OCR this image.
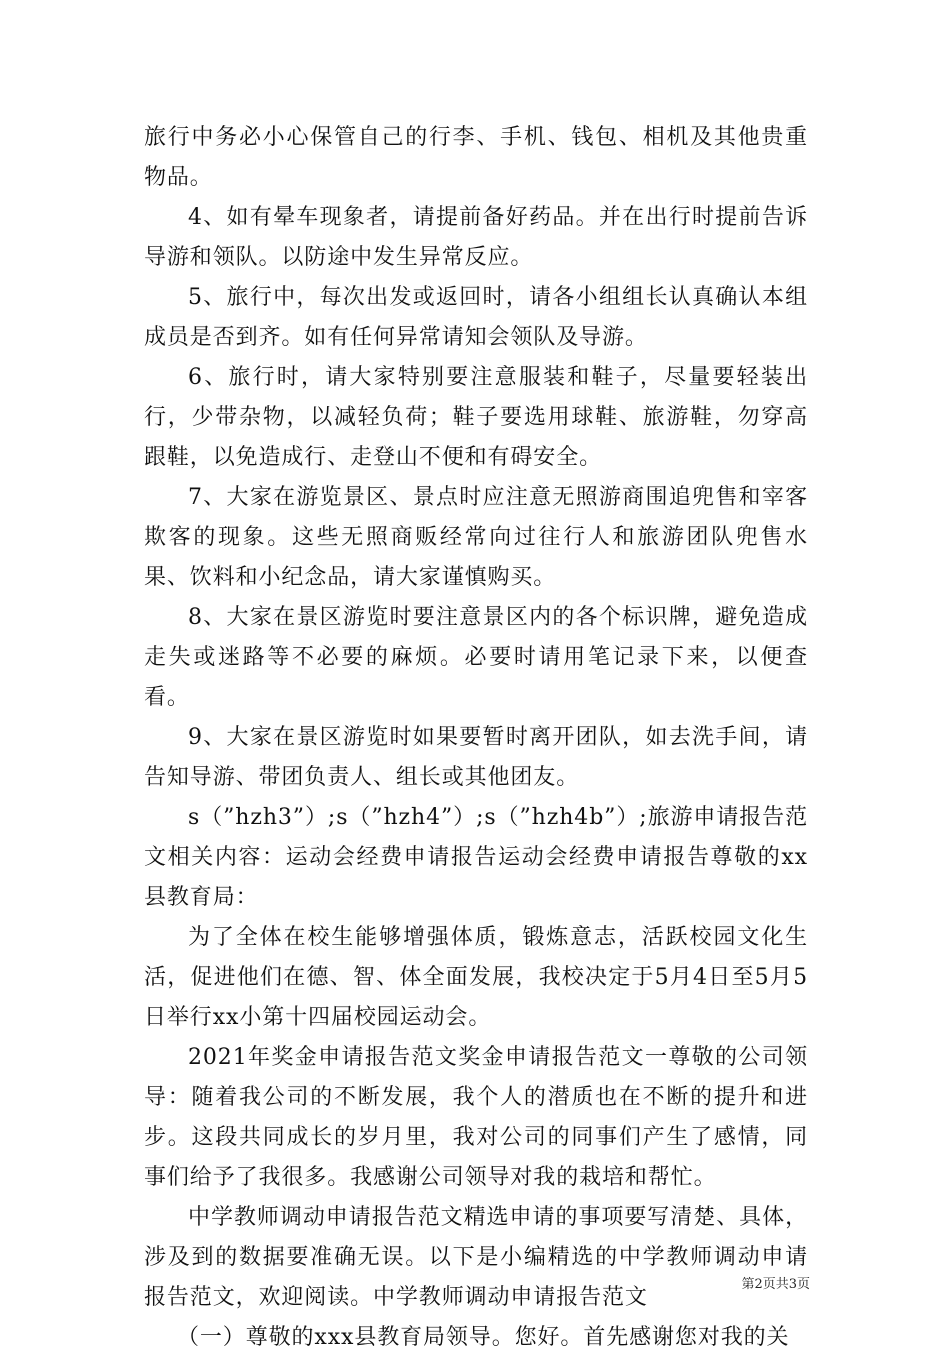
旅行中务必小心保管自己的行李、手机、钱包、相机及其他贵重物品。

4、如有晕车现象者，请提前备好药品。并在出行时提前告诉导游和领队。以防途中发生异常反应。

5、旅行中，每次出发或返回时，请各小组组长认真确认本组成员是否到齐。如有任何异常请知会领队及导游。

6、旅行时，请大家特别要注意服装和鞋子，尽量要轻装出行，少带杂物，以减轻负荷；鞋子要选用球鞋、旅游鞋，勿穿高跟鞋，以免造成行、走登山不便和有碍安全。

7、大家在游览景区、景点时应注意无照游商围追兜售和宰客欺客的现象。这些无照商贩经常向过往行人和旅游团队兜售水果、饮料和小纪念品，请大家谨慎购买。

8、大家在景区游览时要注意景区内的各个标识牌，避免造成走失或迷路等不必要的麻烦。必要时请用笔记录下来，以便查看。

9、大家在景区游览时如果要暂时离开团队，如去洗手间，请告知导游、带团负责人、组长或其他团友。

s（”hzh3”）;s（”hzh4”）;s（”hzh4b”）;旅游申请报告范文相关内容：运动会经费申请报告运动会经费申请报告尊敬的xx县教育局：

为了全体在校生能够增强体质，锻炼意志，活跃校园文化生活，促进他们在德、智、体全面发展，我校决定于5月4日至5月5日举行xx小第十四届校园运动会。

2021年奖金申请报告范文奖金申请报告范文一尊敬的公司领导：随着我公司的不断发展，我个人的潜质也在不断的提升和进步。这段共同成长的岁月里，我对公司的同事们产生了感情，同事们给予了我很多。我感谢公司领导对我的栽培和帮忙。

中学教师调动申请报告范文精选申请的事项要写清楚、具体，涉及到的数据要准确无误。以下是小编精选的中学教师调动申请报告范文，欢迎阅读。中学教师调动申请报告范文

（一）尊敬的xxx县教育局领导。您好。首先感谢您对我的关

第2页共3页
